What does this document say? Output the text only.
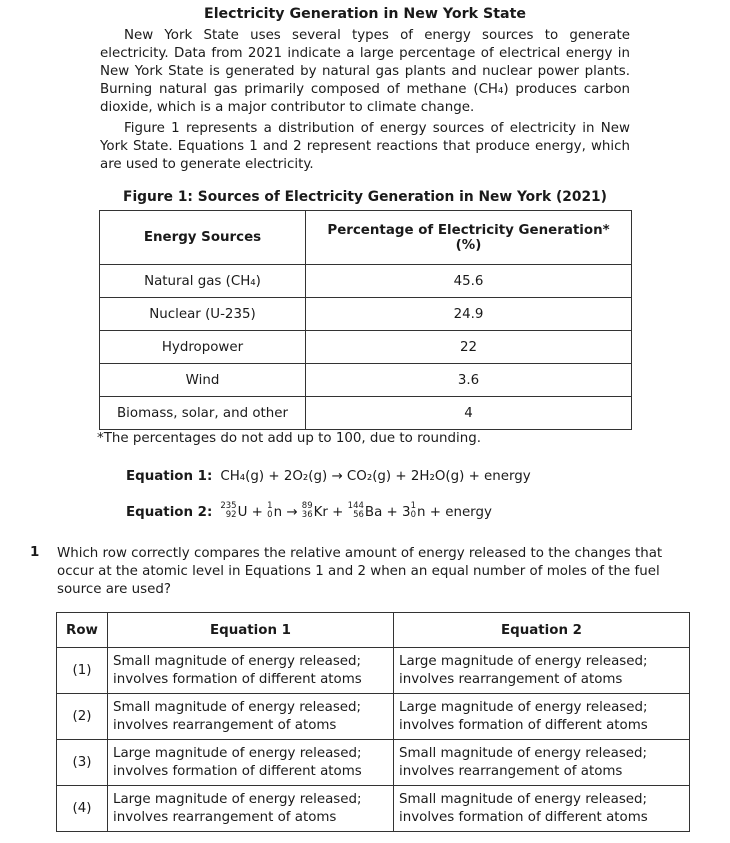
Electricity Generation in New York State

New York State uses several types of energy sources to generate electricity. Data from 2021 indicate a large percentage of electrical energy in New York State is generated by natural gas plants and nuclear power plants. Burning natural gas primarily composed of methane (CH₄) produces carbon dioxide, which is a major contributor to climate change.

Figure 1 represents a distribution of energy sources of electricity in New York State. Equations 1 and 2 represent reactions that produce energy, which are used to generate electricity.

Figure 1: Sources of Electricity Generation in New York (2021)
Energy Sources	Percentage of Electricity Generation*
(%)
Natural gas (CH₄)	45.6
Nuclear (U-235)	24.9
Hydropower	22
Wind	3.6
Biomass, solar, and other	4
*The percentages do not add up to 100, due to rounding.
Equation 1: CH₄(g) + 2O₂(g) → CO₂(g) + 2H₂O(g) + energy
Equation 2: 235
92 U + 1
0 n → 89
36 Kr + 144
56 Ba + 3 1
0 n + energy
1 Which row correctly compares the relative amount of energy released to the changes that occur at the atomic level in Equations 1 and 2 when an equal number of moles of the fuel source are used?

Row	Equation 1	Equation 2
(1)	Small magnitude of energy released;
involves formation of different atoms	Large magnitude of energy released;
involves rearrangement of atoms
(2)	Small magnitude of energy released;
involves rearrangement of atoms	Large magnitude of energy released;
involves formation of different atoms
(3)	Large magnitude of energy released;
involves formation of different atoms	Small magnitude of energy released;
involves rearrangement of atoms
(4)	Large magnitude of energy released;
involves rearrangement of atoms	Small magnitude of energy released;
involves formation of different atoms
